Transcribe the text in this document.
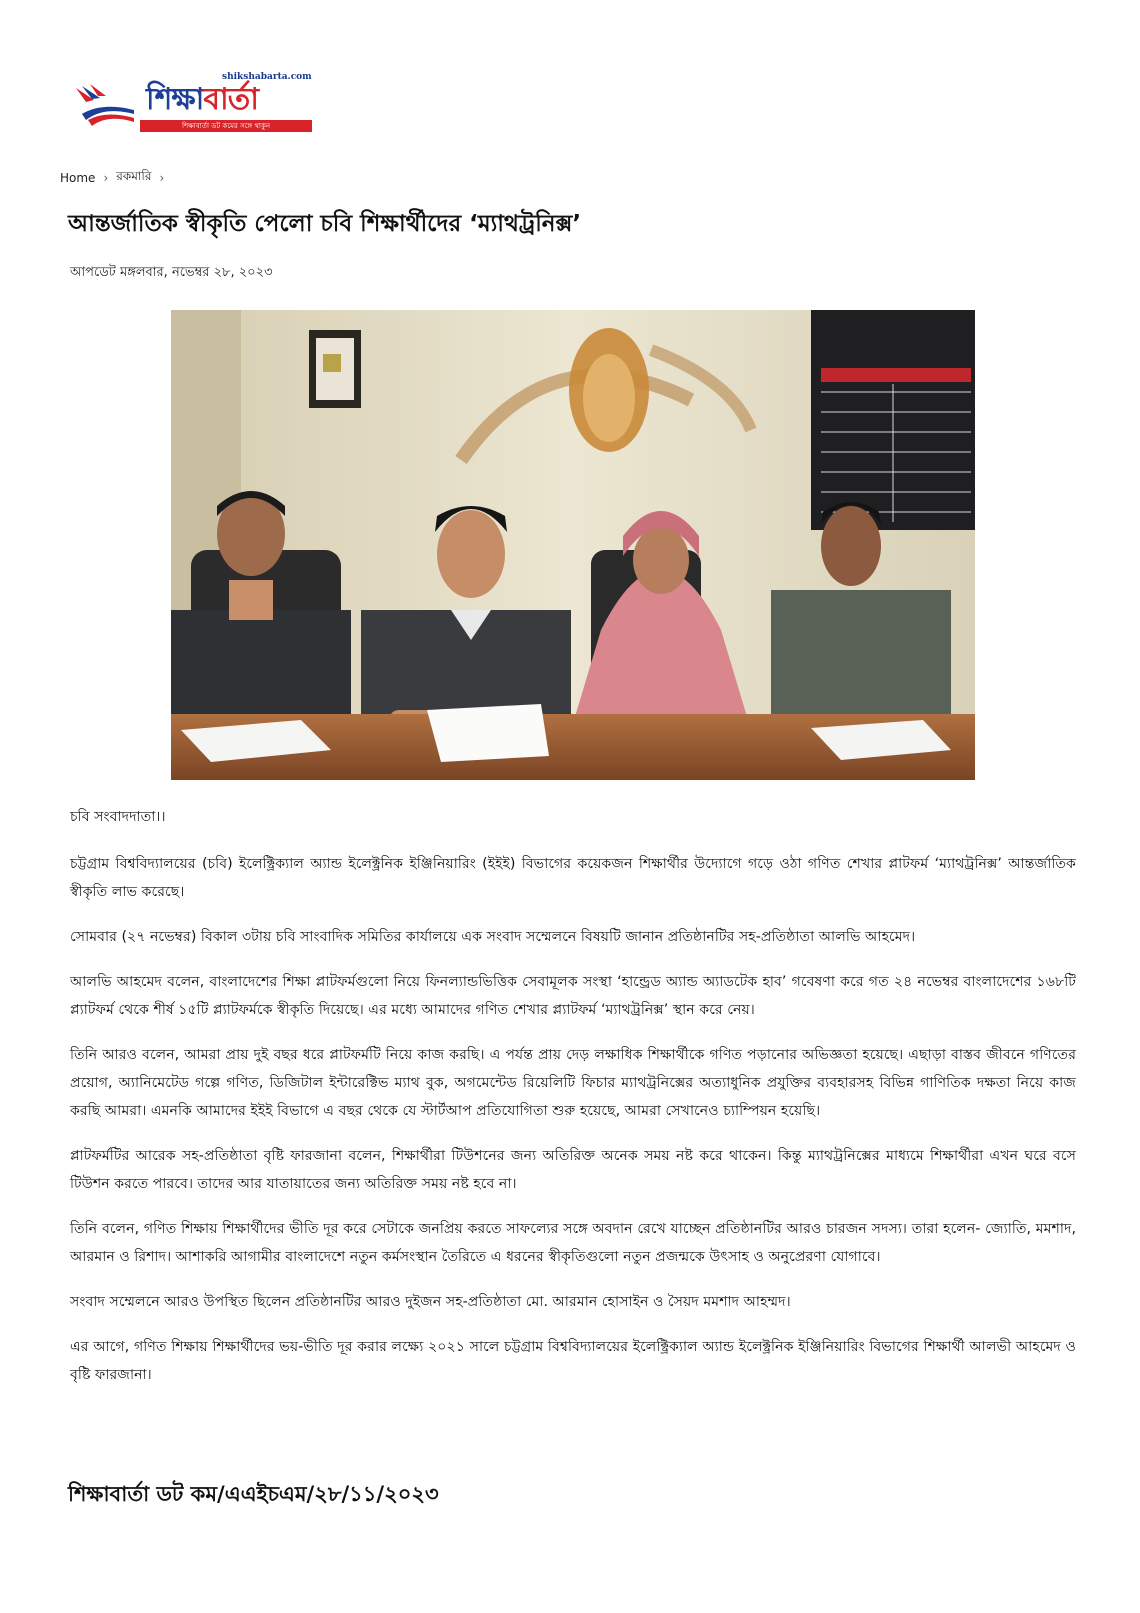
shikshabarta.com
শিক্ষাবার্তা
শিক্ষাবার্তা ডট কমের সঙ্গে থাকুন
Home › রকমারি ›
আন্তর্জাতিক স্বীকৃতি পেলো চবি শিক্ষার্থীদের ‘ম্যাথট্রনিক্স’
আপডেট মঙ্গলবার, নভেম্বর ২৮, ২০২৩

চবি সংবাদদাতা।।

চট্টগ্রাম বিশ্ববিদ্যালয়ের (চবি) ইলেক্ট্রিক্যাল অ্যান্ড ইলেক্ট্রনিক ইঞ্জিনিয়ারিং (ইইই) বিভাগের কয়েকজন শিক্ষার্থীর উদ্যোগে গড়ে ওঠা গণিত শেখার প্লাটফর্ম ‘ম্যাথট্রনিক্স’ আন্তর্জাতিক স্বীকৃতি লাভ করেছে।

সোমবার (২৭ নভেম্বর) বিকাল ৩টায় চবি সাংবাদিক সমিতির কার্যালয়ে এক সংবাদ সম্মেলনে বিষয়টি জানান প্রতিষ্ঠানটির সহ-প্রতিষ্ঠাতা আলভি আহমেদ।

আলভি আহমেদ বলেন, বাংলাদেশের শিক্ষা প্লাটফর্মগুলো নিয়ে ফিনল্যান্ডভিত্তিক সেবামূলক সংস্থা ‘হান্ড্রেড অ্যান্ড অ্যাডটেক হাব’ গবেষণা করে গত ২৪ নভেম্বর বাংলাদেশের ১৬৮টি প্ল্যাটফর্ম থেকে শীর্ষ ১৫টি প্ল্যাটফর্মকে স্বীকৃতি দিয়েছে। এর মধ্যে আমাদের গণিত শেখার প্ল্যাটফর্ম ‘ম্যাথট্রনিক্স’ স্থান করে নেয়।

তিনি আরও বলেন, আমরা প্রায় দুই বছর ধরে প্লাটফর্মটি নিয়ে কাজ করছি। এ পর্যন্ত প্রায় দেড় লক্ষাধিক শিক্ষার্থীকে গণিত পড়ানোর অভিজ্ঞতা হয়েছে। এছাড়া বাস্তব জীবনে গণিতের প্রয়োগ, অ্যানিমেটেড গল্পে গণিত, ডিজিটাল ইন্টারেক্টিভ ম্যাথ বুক, অগমেন্টেড রিয়েলিটি ফিচার ম্যাথট্রনিক্সের অত্যাধুনিক প্রযুক্তির ব্যবহারসহ বিভিন্ন গাণিতিক দক্ষতা নিয়ে কাজ করছি আমরা। এমনকি আমাদের ইইই বিভাগে এ বছর থেকে যে স্টার্টআপ প্রতিযোগিতা শুরু হয়েছে, আমরা সেখানেও চ্যাম্পিয়ন হয়েছি।

প্লাটফর্মটির আরেক সহ-প্রতিষ্ঠাতা বৃষ্টি ফারজানা বলেন, শিক্ষার্থীরা টিউশনের জন্য অতিরিক্ত অনেক সময় নষ্ট করে থাকেন। কিন্তু ম্যাথট্রনিক্সের মাধ্যমে শিক্ষার্থীরা এখন ঘরে বসে টিউশন করতে পারবে। তাদের আর যাতায়াতের জন্য অতিরিক্ত সময় নষ্ট হবে না।

তিনি বলেন, গণিত শিক্ষায় শিক্ষার্থীদের ভীতি দূর করে সেটাকে জনপ্রিয় করতে সাফল্যের সঙ্গে অবদান রেখে যাচ্ছেন প্রতিষ্ঠানটির আরও চারজন সদস্য। তারা হলেন- জ্যোতি, মমশাদ, আরমান ও রিশাদ। আশাকরি আগামীর বাংলাদেশে নতুন কর্মসংস্থান তৈরিতে এ ধরনের স্বীকৃতিগুলো নতুন প্রজন্মকে উৎসাহ ও অনুপ্রেরণা যোগাবে।

সংবাদ সম্মেলনে আরও উপস্থিত ছিলেন প্রতিষ্ঠানটির আরও দুইজন সহ-প্রতিষ্ঠাতা মো. আরমান হোসাইন ও সৈয়দ মমশাদ আহম্মদ।

এর আগে, গণিত শিক্ষায় শিক্ষার্থীদের ভয়-ভীতি দূর করার লক্ষ্যে ২০২১ সালে চট্টগ্রাম বিশ্ববিদ্যালয়ের ইলেক্ট্রিক্যাল অ্যান্ড ইলেক্ট্রনিক ইঞ্জিনিয়ারিং বিভাগের শিক্ষার্থী আলভী আহমেদ ও বৃষ্টি ফারজানা।

শিক্ষাবার্তা ডট কম/এএইচএম/২৮/১১/২০২৩
